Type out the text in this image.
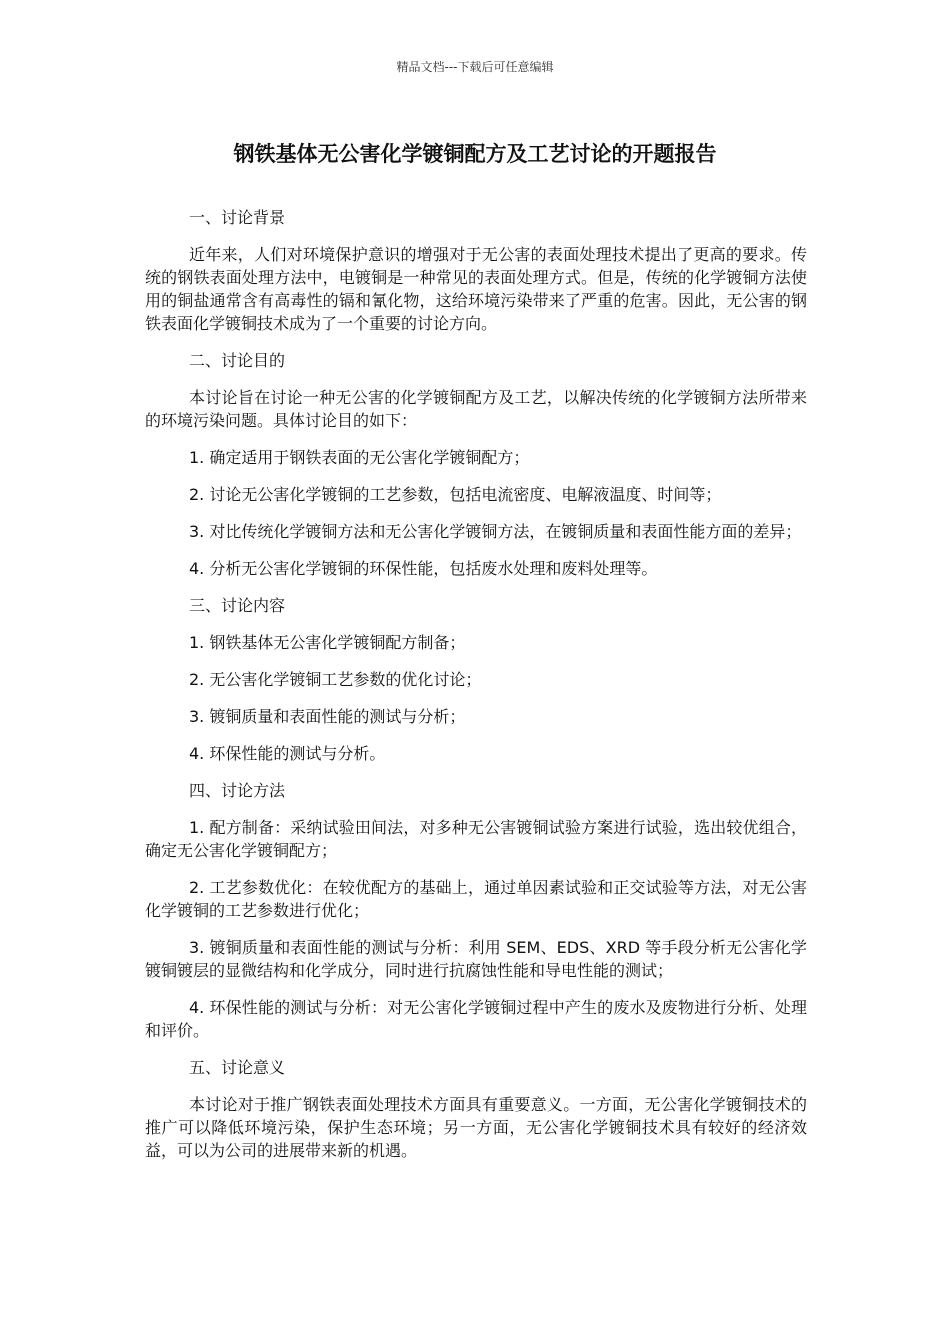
精品文档---下载后可任意编辑
钢铁基体无公害化学镀铜配方及工艺讨论的开题报告

一、讨论背景

近年来，人们对环境保护意识的增强对于无公害的表面处理技术提出了更高的要求。传统的钢铁表面处理方法中，电镀铜是一种常见的表面处理方式。但是，传统的化学镀铜方法使用的铜盐通常含有高毒性的镉和氰化物，这给环境污染带来了严重的危害。因此，无公害的钢铁表面化学镀铜技术成为了一个重要的讨论方向。

二、讨论目的

本讨论旨在讨论一种无公害的化学镀铜配方及工艺，以解决传统的化学镀铜方法所带来的环境污染问题。具体讨论目的如下：

1. 确定适用于钢铁表面的无公害化学镀铜配方；

2. 讨论无公害化学镀铜的工艺参数，包括电流密度、电解液温度、时间等；

3. 对比传统化学镀铜方法和无公害化学镀铜方法，在镀铜质量和表面性能方面的差异；

4. 分析无公害化学镀铜的环保性能，包括废水处理和废料处理等。

三、讨论内容

1. 钢铁基体无公害化学镀铜配方制备；

2. 无公害化学镀铜工艺参数的优化讨论；

3. 镀铜质量和表面性能的测试与分析；

4. 环保性能的测试与分析。

四、讨论方法

1. 配方制备：采纳试验田间法，对多种无公害镀铜试验方案进行试验，选出较优组合，确定无公害化学镀铜配方；

2. 工艺参数优化：在较优配方的基础上，通过单因素试验和正交试验等方法，对无公害化学镀铜的工艺参数进行优化；

3. 镀铜质量和表面性能的测试与分析：利用 SEM、EDS、XRD 等手段分析无公害化学镀铜镀层的显微结构和化学成分，同时进行抗腐蚀性能和导电性能的测试；

4. 环保性能的测试与分析：对无公害化学镀铜过程中产生的废水及废物进行分析、处理和评价。

五、讨论意义

本讨论对于推广钢铁表面处理技术方面具有重要意义。一方面，无公害化学镀铜技术的推广可以降低环境污染，保护生态环境；另一方面，无公害化学镀铜技术具有较好的经济效益，可以为公司的进展带来新的机遇。
